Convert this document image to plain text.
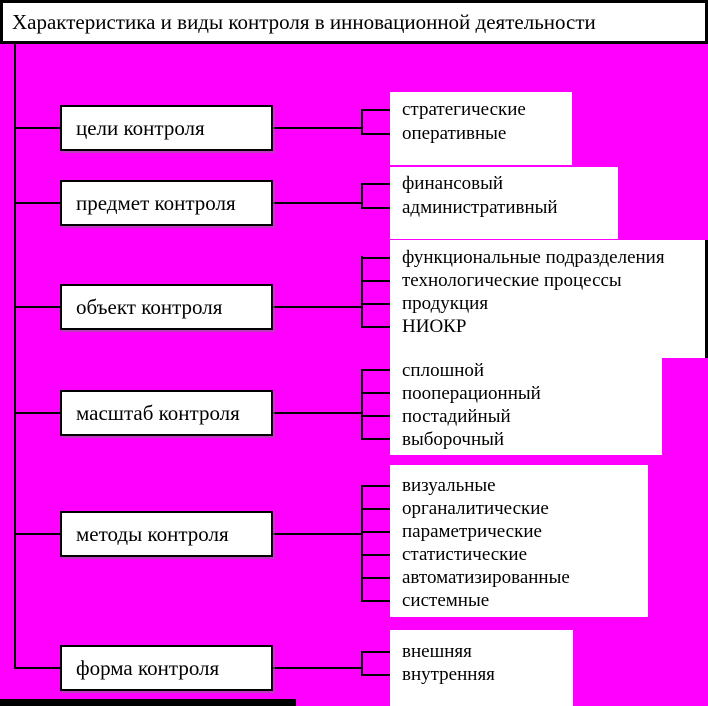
Характеристика и виды контроля в инновационной деятельности
цели контроля
предмет контроля
объект контроля
масштаб контроля
методы контроля
форма контроля
стратегические
оперативные
финансовый
административный
функциональные подразделения
технологические процессы
продукция
НИОКР
сплошной
пооперационный
постадийный
выборочный
визуальные
органалитические
параметрические
статистические
автоматизированные
системные
внешняя
внутренняя
